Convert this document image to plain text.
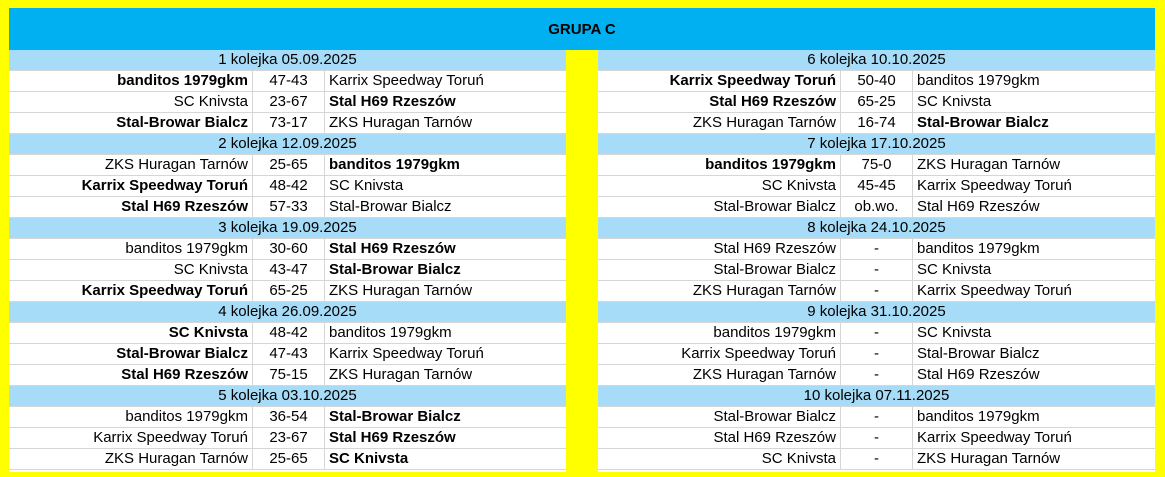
GRUPA C
1 kolejka 05.09.2025
banditos 1979gkm	47-43	Karrix Speedway Toruń
SC Knivsta	23-67	Stal H69 Rzeszów
Stal-Browar Bialcz	73-17	ZKS Huragan Tarnów
2 kolejka 12.09.2025
ZKS Huragan Tarnów	25-65	banditos 1979gkm
Karrix Speedway Toruń	48-42	SC Knivsta
Stal H69 Rzeszów	57-33	Stal-Browar Bialcz
3 kolejka 19.09.2025
banditos 1979gkm	30-60	Stal H69 Rzeszów
SC Knivsta	43-47	Stal-Browar Bialcz
Karrix Speedway Toruń	65-25	ZKS Huragan Tarnów
4 kolejka 26.09.2025
SC Knivsta	48-42	banditos 1979gkm
Stal-Browar Bialcz	47-43	Karrix Speedway Toruń
Stal H69 Rzeszów	75-15	ZKS Huragan Tarnów
5 kolejka 03.10.2025
banditos 1979gkm	36-54	Stal-Browar Bialcz
Karrix Speedway Toruń	23-67	Stal H69 Rzeszów
ZKS Huragan Tarnów	25-65	SC Knivsta
6 kolejka 10.10.2025
Karrix Speedway Toruń	50-40	banditos 1979gkm
Stal H69 Rzeszów	65-25	SC Knivsta
ZKS Huragan Tarnów	16-74	Stal-Browar Bialcz
7 kolejka 17.10.2025
banditos 1979gkm	75-0	ZKS Huragan Tarnów
SC Knivsta	45-45	Karrix Speedway Toruń
Stal-Browar Bialcz	ob.wo.	Stal H69 Rzeszów
8 kolejka 24.10.2025
Stal H69 Rzeszów	-	banditos 1979gkm
Stal-Browar Bialcz	-	SC Knivsta
ZKS Huragan Tarnów	-	Karrix Speedway Toruń
9 kolejka 31.10.2025
banditos 1979gkm	-	SC Knivsta
Karrix Speedway Toruń	-	Stal-Browar Bialcz
ZKS Huragan Tarnów	-	Stal H69 Rzeszów
10 kolejka 07.11.2025
Stal-Browar Bialcz	-	banditos 1979gkm
Stal H69 Rzeszów	-	Karrix Speedway Toruń
SC Knivsta	-	ZKS Huragan Tarnów
